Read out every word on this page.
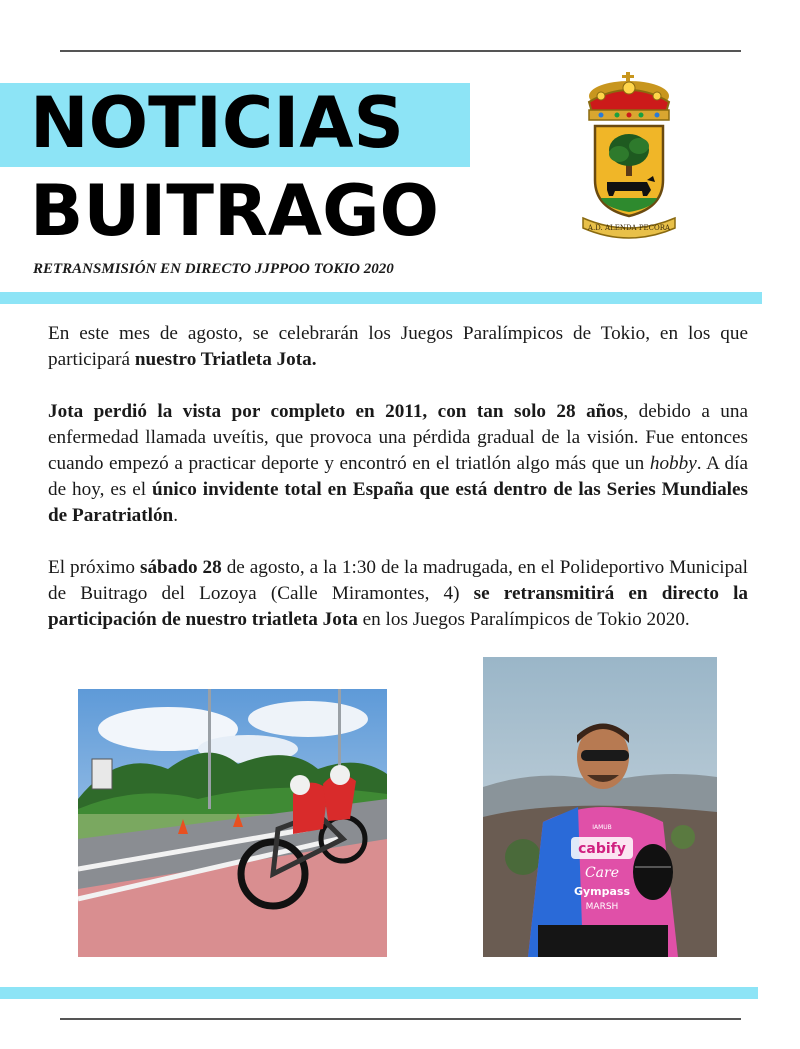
NOTICIAS
BUITRAGO	A.D. ALENDA PECORA
RETRANSMISIÓN EN DIRECTO JJPPOO TOKIO 2020

En este mes de agosto, se celebrarán los Juegos Paralímpicos de Tokio, en los que participará nuestro Triatleta Jota.

Jota perdió la vista por completo en 2011, con tan solo 28 años, debido a una enfermedad llamada uveítis, que provoca una pérdida gradual de la visión. Fue entonces cuando empezó a practicar deporte y encontró en el triatlón algo más que un hobby. A día de hoy, es el único invidente total en España que está dentro de las Series Mundiales de Paratriatlón.

El próximo sábado 28 de agosto, a la 1:30 de la madrugada, en el Polideportivo Municipal de Buitrago del Lozoya (Calle Miramontes, 4) se retransmitirá en directo la participación de nuestro triatleta Jota en los Juegos Paralímpicos de Tokio 2020.

cabify
Care
Gympass
MARSH
IAMUB
